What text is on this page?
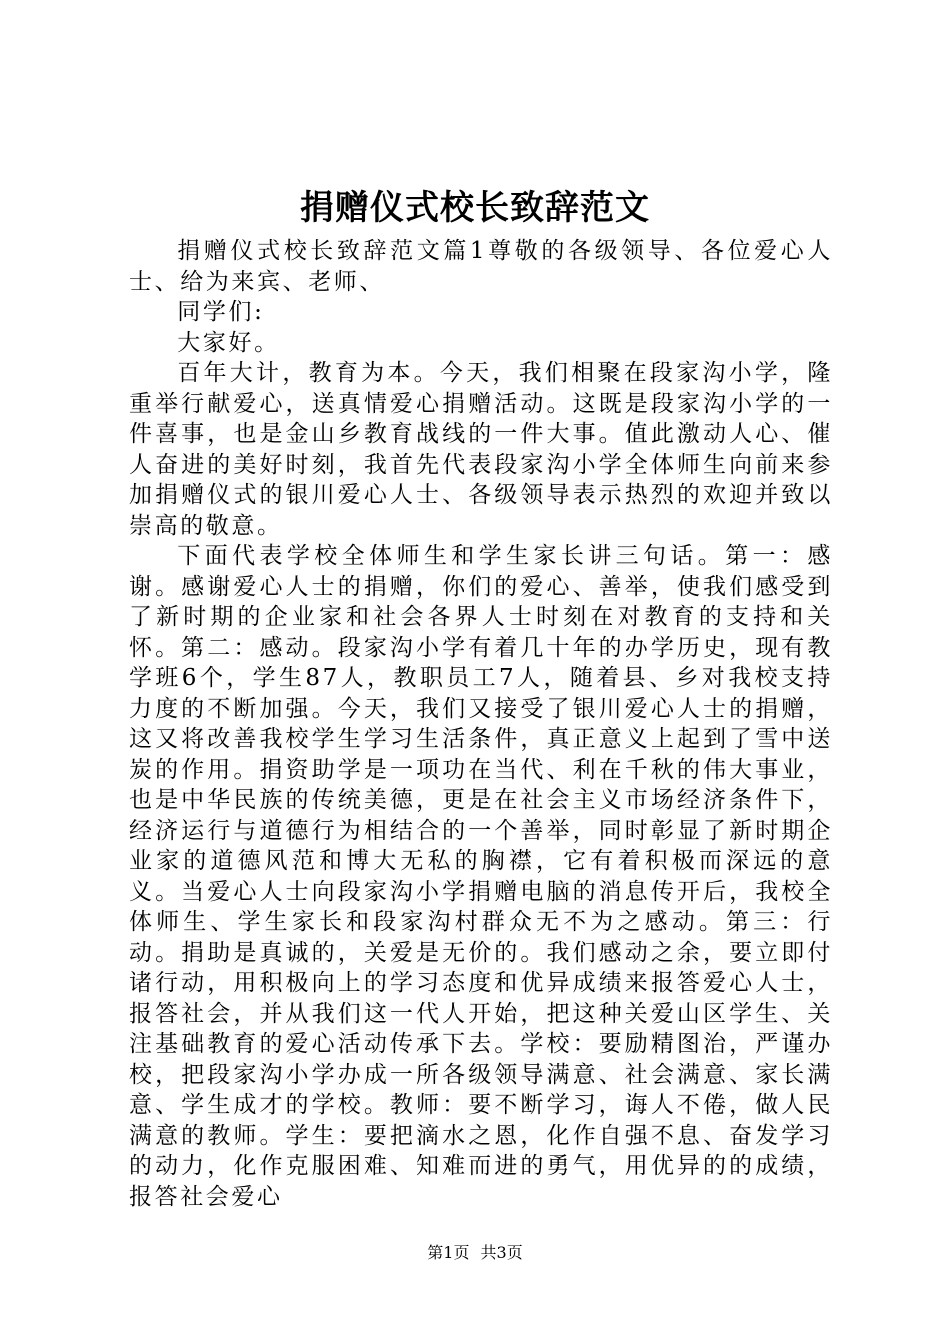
捐赠仪式校长致辞范文

捐赠仪式校长致辞范文篇1尊敬的各级领导、各位爱心人士、给为来宾、老师、

同学们:

大家好。

百年大计，教育为本。今天，我们相聚在段家沟小学，隆重举行献爱心，送真情爱心捐赠活动。这既是段家沟小学的一件喜事，也是金山乡教育战线的一件大事。值此激动人心、催人奋进的美好时刻，我首先代表段家沟小学全体师生向前来参加捐赠仪式的银川爱心人士、各级领导表示热烈的欢迎并致以崇高的敬意。

下面代表学校全体师生和学生家长讲三句话。第一：感谢。感谢爱心人士的捐赠，你们的爱心、善举，使我们感受到了新时期的企业家和社会各界人士时刻在对教育的支持和关怀。第二：感动。段家沟小学有着几十年的办学历史，现有教学班6个，学生87人，教职员工7人，随着县、乡对我校支持力度的不断加强。今天，我们又接受了银川爱心人士的捐赠，这又将改善我校学生学习生活条件，真正意义上起到了雪中送炭的作用。捐资助学是一项功在当代、利在千秋的伟大事业，也是中华民族的传统美德，更是在社会主义市场经济条件下，经济运行与道德行为相结合的一个善举，同时彰显了新时期企业家的道德风范和博大无私的胸襟，它有着积极而深远的意义。当爱心人士向段家沟小学捐赠电脑的消息传开后，我校全体师生、学生家长和段家沟村群众无不为之感动。第三：行动。捐助是真诚的，关爱是无价的。我们感动之余，要立即付诸行动，用积极向上的学习态度和优异成绩来报答爱心人士，报答社会，并从我们这一代人开始，把这种关爱山区学生、关注基础教育的爱心活动传承下去。学校：要励精图治，严谨办校，把段家沟小学办成一所各级领导满意、社会满意、家长满意、学生成才的学校。教师：要不断学习，诲人不倦，做人民满意的教师。学生：要把滴水之恩，化作自强不息、奋发学习的动力，化作克服困难、知难而进的勇气，用优异的的成绩，报答社会爱心

第1页 共3页
